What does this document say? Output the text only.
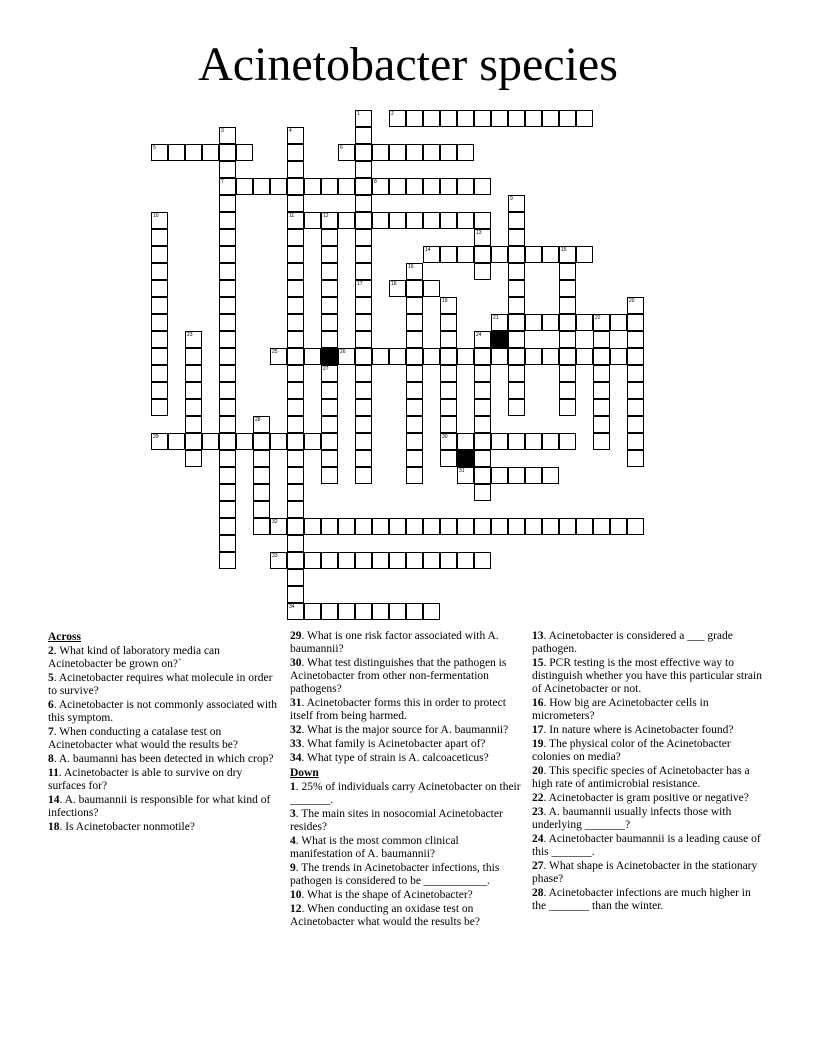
Acinetobacter species
1
17
2
3
7
4
11
34
5	6
8
9
10	12
27
13
14	15
16
18
19
30
20
21	22
23	24
25	26
28
29
31
32
33
Across
2. What kind of laboratory media can Acinetobacter be grown on?`
5. Acinetobacter requires what molecule in order to survive?
6. Acinetobacter is not commonly associated with this symptom.
7. When conducting a catalase test on Acinetobacter what would the results be?
8. A. baumanni has been detected in which crop?
11. Acinetobacter is able to survive on dry surfaces for?
14. A. baumannii is responsible for what kind of infections?
18. Is Acinetobacter nonmotile?
29. What is one risk factor associated with A. baumannii?
30. What test distinguishes that the pathogen is Acinetobacter from other non-fermentation pathogens?
31. Acinetobacter forms this in order to protect itself from being harmed.
32. What is the major source for A. baumannii?
33. What family is Acinetobacter apart of?
34. What type of strain is A. calcoaceticus?
Down
1. 25% of individuals carry Acinetobacter on their _______.
3. The main sites in nosocomial Acinetobacter resides?
4. What is the most common clinical manifestation of A. baumannii?
9. The trends in Acinetobacter infections, this pathogen is considered to be ___________.
10. What is the shape of Acinetobacter?
12. When conducting an oxidase test on Acinetobacter what would the results be?
13. Acinetobacter is considered a ___ grade pathogen.
15. PCR testing is the most effective way to distinguish whether you have this particular strain of Acinetobacter or not.
16. How big are Acinetobacter cells in micrometers?
17. In nature where is Acinetobacter found?
19. The physical color of the Acinetobacter colonies on media?
20. This specific species of Acinetobacter has a high rate of antimicrobial resistance.
22. Acinetobacter is gram positive or negative?
23. A. baumannii usually infects those with underlying _______?
24. Acinetobacter baumannii is a leading cause of this _______.
27. What shape is Acinetobacter in the stationary phase?
28. Acinetobacter infections are much higher in the _______ than the winter.
